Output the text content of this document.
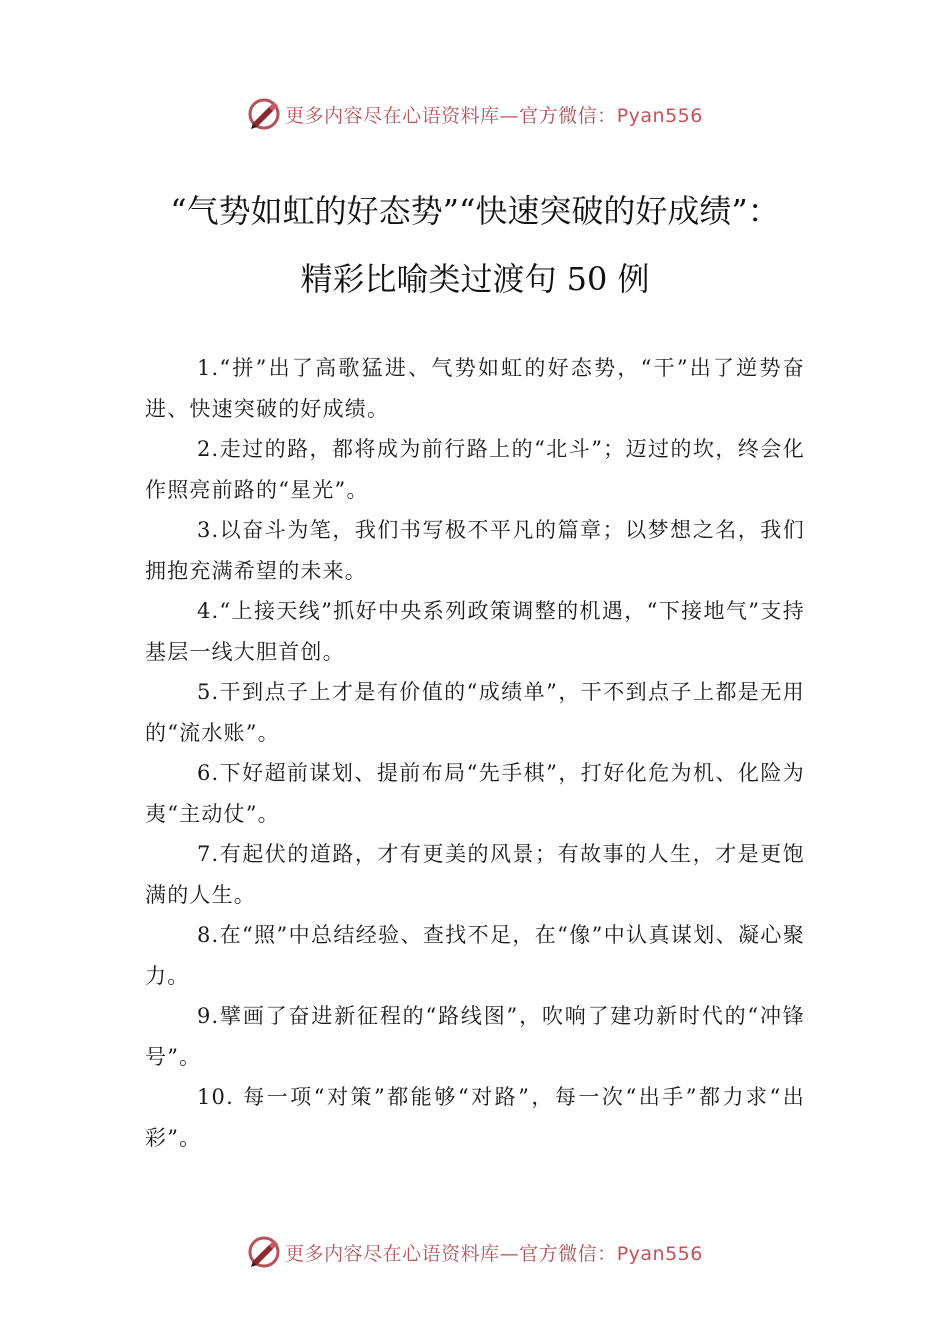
更多内容尽在心语资料库—官方微信：Pyan556
“气势如虹的好态势”“快速突破的好成绩”：
精彩比喻类过渡句 50 例

1.“拼”出了高歌猛进、气势如虹的好态势，“干”出了逆势奋进、快速突破的好成绩。

2.走过的路，都将成为前行路上的“北斗”；迈过的坎，终会化作照亮前路的“星光”。

3.以奋斗为笔，我们书写极不平凡的篇章；以梦想之名，我们拥抱充满希望的未来。

4.“上接天线”抓好中央系列政策调整的机遇，“下接地气”支持基层一线大胆首创。

5.干到点子上才是有价值的“成绩单”，干不到点子上都是无用的“流水账”。

6.下好超前谋划、提前布局“先手棋”，打好化危为机、化险为夷“主动仗”。

7.有起伏的道路，才有更美的风景；有故事的人生，才是更饱满的人生。

8.在“照”中总结经验、查找不足，在“像”中认真谋划、凝心聚力。

9.擘画了奋进新征程的“路线图”，吹响了建功新时代的“冲锋号”。

10. 每一项“对策”都能够“对路”，每一次“出手”都力求“出彩”。

更多内容尽在心语资料库—官方微信：Pyan556
